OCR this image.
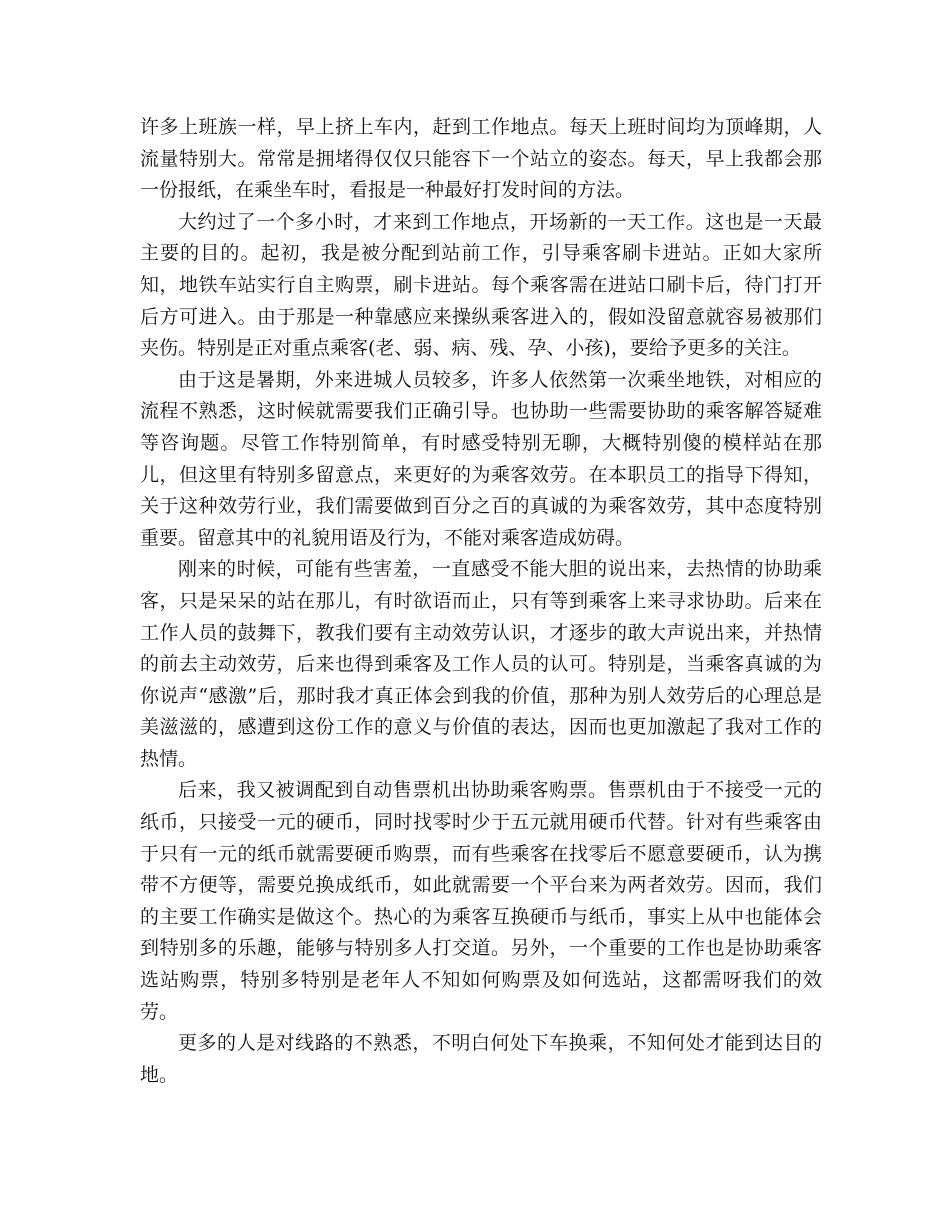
许多上班族一样，早上挤上车内，赶到工作地点。每天上班时间均为顶峰期，人流量特别大。常常是拥堵得仅仅只能容下一个站立的姿态。每天，早上我都会那一份报纸，在乘坐车时，看报是一种最好打发时间的方法。

大约过了一个多小时，才来到工作地点，开场新的一天工作。这也是一天最主要的目的。起初，我是被分配到站前工作，引导乘客刷卡进站。正如大家所知，地铁车站实行自主购票，刷卡进站。每个乘客需在进站口刷卡后，待门打开后方可进入。由于那是一种靠感应来操纵乘客进入的，假如没留意就容易被那们夹伤。特别是正对重点乘客(老、弱、病、残、孕、小孩)，要给予更多的关注。

由于这是暑期，外来进城人员较多，许多人依然第一次乘坐地铁，对相应的流程不熟悉，这时候就需要我们正确引导。也协助一些需要协助的乘客解答疑难等咨询题。尽管工作特别简单，有时感受特别无聊，大概特别傻的模样站在那儿，但这里有特别多留意点，来更好的为乘客效劳。在本职员工的指导下得知，关于这种效劳行业，我们需要做到百分之百的真诚的为乘客效劳，其中态度特别重要。留意其中的礼貌用语及行为，不能对乘客造成妨碍。

刚来的时候，可能有些害羞，一直感受不能大胆的说出来，去热情的协助乘客，只是呆呆的站在那儿，有时欲语而止，只有等到乘客上来寻求协助。后来在工作人员的鼓舞下，教我们要有主动效劳认识，才逐步的敢大声说出来，并热情的前去主动效劳，后来也得到乘客及工作人员的认可。特别是，当乘客真诚的为你说声“感激”后，那时我才真正体会到我的价值，那种为别人效劳后的心理总是美滋滋的，感遭到这份工作的意义与价值的表达，因而也更加激起了我对工作的热情。

后来，我又被调配到自动售票机出协助乘客购票。售票机由于不接受一元的纸币，只接受一元的硬币，同时找零时少于五元就用硬币代替。针对有些乘客由于只有一元的纸币就需要硬币购票，而有些乘客在找零后不愿意要硬币，认为携带不方便等，需要兑换成纸币，如此就需要一个平台来为两者效劳。因而，我们的主要工作确实是做这个。热心的为乘客互换硬币与纸币，事实上从中也能体会到特别多的乐趣，能够与特别多人打交道。另外，一个重要的工作也是协助乘客选站购票，特别多特别是老年人不知如何购票及如何选站，这都需呀我们的效劳。

更多的人是对线路的不熟悉，不明白何处下车换乘，不知何处才能到达目的地。
